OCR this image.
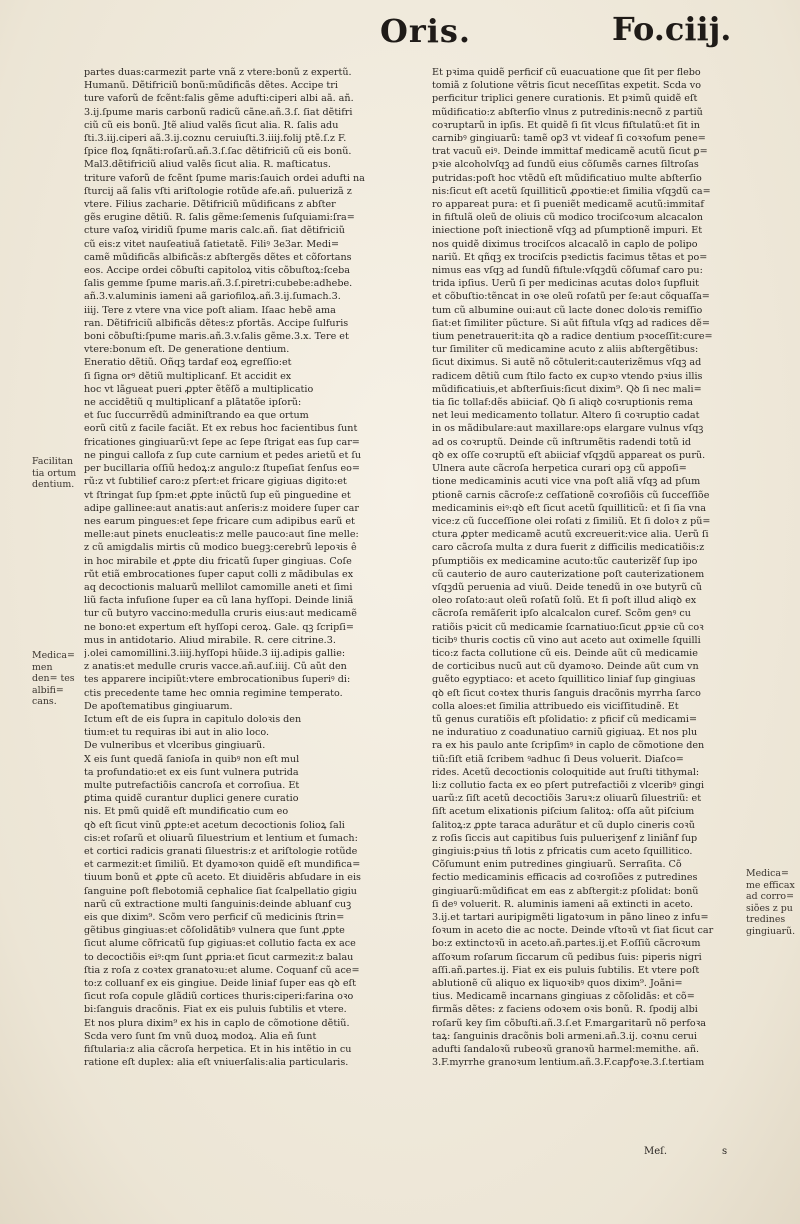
Oris.	Fo.ciij.
Medica= men den= tes albifi= cans.
Facilitan tia ortum dentium.
Medica= me efficax ad corro= siões z pu tredines gingiuarũ.
partes duas:carmezit parte vnã z vtere:bonũ z expertũ.
Humanũ. Dẽtifriciũ bonũ:mũdificãs dẽtes. Accipe tri
ture vaforũ de fcẽnt:falis gẽme adufti:ciperi albi aã. añ.
3.ij.ſpume maris carbonũ radicũ cãne.añ.3.ſ. ſiat dẽtifri
ciũ cũ eis bonũ. Jtẽ aliud valẽs ſicut alia. R. ſalis adu
ſti.3.iij.ciperi aã.3.ij.coznu ceruiuſti.3.iiij.folij ptẽ.ſ.z F.
ſpice floꝝ ſqnãti:roſarũ.añ.3.ſ.ſac dẽtifriciũ cũ eis bonũ.
Mal3.dẽtifriciũ aliud valẽs ſicut alia. R. maſticatus.
triture vaforũ de fcẽnt ſpume maris:ſauich ordei adufti na
ſturcij aã ſalis vſti ariſtologie rotũde afe.añ. puluerizã z
vtere. Filius zacharie. Dẽtifriciũ mũdificans z abſter
gẽs erugine dẽtiũ. R. ſalis gẽme:ſemenis ſuſquiami:ſra=
cture vaſoꝝ viridiũ ſpume maris calc.añ. ſiat dẽtifriciũ
cũ eis:z vitet nauſeatiuã ſatietatẽ. Filiꝰ 3e3ar. Medi=
camẽ mũdificãs albificãs:z abſtergẽs dẽtes et cõfortans
eos. Accipe ordei cõbuſti capitoloꝝ vitis cõbuſtoꝝ:ſceba
ſalis gemme ſpume maris.añ.3.ſ.piretri:cubebe:adhebe.
añ.3.v.aluminis iameni aã gariofiloꝝ.añ.3.ij.ſumach.3.
iiij. Tere z vtere vna vice poſt aliam. Iſaac hebẽ ama
ran. Dẽtifriciũ albificãs dẽtes:z pfortãs. Accipe ſulfuris
boni cõbuſti:ſpume maris.añ.3.v.ſalis gẽme.3.x. Tere et
vtere:bonum eſt. De generatione dentium.
Eneratio dẽtiũ. Oñqꝫ tardaf eoꝝ egreſſio:et
ſi ſigna orꝰ dẽtiũ multiplicanf. Et accidit ex
hoc vt lãgueat pueri ꝓpter ẽtẽſõ a multiplicatio
ne accidẽtiũ q multiplicanf a plãtatõe ipſorũ:
et ſuc ſuccurrẽdũ adminiſtrando ea que ortum
eorũ citũ z facile faciãt. Et ex rebus hoc facientibus ſunt
fricationes gingiuarũ:vt ſepe ac ſepe ſtrigat eas ſup car=
ne pingui callofa z ſup cute carnium et pedes arietũ et ſu
per bucillaria oſſiũ hedoꝝ:z angulo:z ſtupeſiat ſenſus eo=
rũ:z vt ſubtilief caro:z pſert:et fricare gigiuas digito:et
vt ſtringat ſup ſpm:et ꝓpte inũctũ ſup eũ pinguedine et
adipe gallinee:aut anatis:aut anſeris:z moidere ſuper car
nes earum pingues:et ſepe fricare cum adipibus earũ et
melle:aut pinets enucleatis:z melle pauco:aut ſine melle:
z cũ amigdalis mirtis cũ modico buegꝫ:cerebrũ lepoꝛis ê
in hoc mirabile et ꝓpte diu fricatũ ſuper gingiuas. Coſe
rũt etiã embrocationes ſuper caput colli z mãdibulas ex
aq decoctionis maluarũ mellilot camomille aneti et ſimi
liũ facta infuſione ſuper ea cũ lana hyſſopi. Deinde liniã
tur cũ butyro vaccino:medulla cruris eius:aut medicamẽ
ne bono:et expertum eſt hyſſopi ceroꝝ. Gale. qꝫ ſcripſi=
mus in antidotario. Aliud mirabile. R. cere citrine.3.
j.olei camomillini.3.iiij.hyſſopi hũide.3 iij.adipis gallie:
z anatis:et medulle cruris vacce.añ.auſ.iiij. Cũ aũt den
tes apparere incipiũt:vtere embrocationibus ſuperiꝰ di:
ctis precedente tame hec omnia regimine temperato.
De apoſtematibus gingiuarum.
Ictum eſt de eis ſupra in capitulo doloꝛis den
tium:et tu requiras ibi aut in alio loco.
De vulneribus et vlceribus gingiuarũ.
X eis ſunt quedã ſanioſa in quibꝰ non eſt mul
ta profundatio:et ex eis ſunt vulnera putrida
multe putrefactiõis cancroſa et corroſiua. Et
ꝑtima quidẽ curantur duplici genere curatio
nis. Et pmũ quidẽ eſt mundificatio cum eo
qꝺ eſt ſicut vinũ ꝓpte:et acetum decoctionis ſolioꝝ ſali
cis:et roſarũ et oliuarũ ſiluestrium et lentium et ſumach:
et cortici radicis granati ſiluestris:z et ariſtologie rotũde
et carmezit:et ſimiliũ. Et dyamoꝛon quidẽ eſt mundifica=
tiuum bonũ et ꝓpte cũ aceto. Et diuidẽris abſudare in eis
ſanguine poſt flebotomiã cephalice ſiat ſcalpellatio gigiu
narũ cũ extractione multi ſanguinis:deinde abluanf cuꝫ
eis que dixim⁹. Scõm vero perficif cũ medicinis ſtrin=
gẽtibus gingiuas:et cõſolidãtibꝰ vulnera que ſunt ꝓpte
ſicut alume cõfricatũ ſup gigiuas:et collutio facta ex ace
to decoctiõis eiꝰ:qm ſunt ꝓpria:et ſicut carmezit:z balau
ſtia z roſa z coꝛtex granatoꝛu:et alume. Coquanf cũ ace=
to:z colluanf ex eis gingiue. Deide liniaf ſuper eas qꝺ eſt
ſicut roſa copule glãdiũ cortices thuris:ciperi:farina oꝛo
bi:ſanguis dracõnis. Fiat ex eis puluis ſubtilis et vtere.
Et nos plura dixim⁹ ex his in caplo de cõmotione dẽtiũ.
Scda vero ſunt ſm vnũ duoꝝ modoꝝ. Alia eñ ſunt
fiſtularia:z alia cãcroſa herpetica. Et in his intẽtio in cu
ratione eſt duplex: alia eſt vniuerſalis:alia particularis.
Et pꝛima quidẽ perficif cũ euacuatione que ſit per flebo
tomiã z ſolutione vẽtris ſicut neceſſitas expetit. Scda vo
perficitur triplici genere curationis. Et pꝛimũ quidẽ eſt
mũdificatio:z abſterſio vlnus z putredinis:necnõ z partiũ
coꝛruptarũ in ipſis. Et quidẽ ſi ſit vlcus fiſtulatũ:et ſit in
carnibꝰ gingiuarũ: tamẽ oꝑ3 vt videaf ſi coꝛꝛofum pene=
trat vacuũ eiꝰ. Deinde immittaf medicamẽ acutũ ſicut ꝑ=
pꝛie alcoholvſqꝫ ad ſundũ eius cõſumẽs carnes ſiltroſas
putridas:poſt hoc vtẽdũ eſt mũdificatiuo multe abſterſio
nis:ſicut eſt acetũ ſquilliticũ ꝓpoꝛtie:et ſimilia vſqꝫdũ ca=
ro appareat pura: et ſi pueniẽt medicamẽ acutũ:immitaf
in fiſtulã oleũ de oliuis cũ modico trociſcoꝛum alcacalon
iniectione poſt iniectionẽ vſqꝫ ad pſumptionẽ impuri. Et
nos quidẽ diximus trociſcos alcacalõ in caplo de polipo
nariũ. Et qñqꝫ ex trociſcis pꝛedictis facimus tẽtas et po=
nimus eas vſqꝫ ad ſundũ fiſtule:vſqꝫdũ cõſumaf caro pu:
trida ipſius. Uerũ ſi per medicinas acutas doloꝛ ſupfluit
et cõbuſtio:tẽncat in oꝛe oleũ roſatũ per ſe:aut cõquaſſa=
tum cũ albumine oui:aut cũ lacte donec doloꝛis remiſſio
ſiat:et ſimiliter pũcture. Si aũt fiſtula vſqꝫ ad radices dẽ=
tium penetrauerit:ita qꝺ a radice dentium pꝛoceſſit:cure=
tur ſimiliter cũ medicamine acuto z aliis abſtergẽtibus:
ſicut diximus. Si autẽ nõ cõtulerit:cauterizẽmus vſqꝫ ad
radicem dẽtiũ cum ſtilo facto ex cupꝛo vtendo pꝛius illis
mũdificatiuis,et abſterſiuis:ſicut dixim⁹. Qꝺ ſi nec mali=
tia ſic tollaf:dẽs abiiciaf. Qꝺ ſi aliqꝺ coꝛruptionis rema
net leui medicamento tollatur. Altero ſi coꝛruptio cadat
in os mãdibulare:aut maxillare:ops elargare vulnus vſqꝫ
ad os coꝛruptũ. Deinde cũ inſtrumẽtis radendi totũ id
qꝺ ex oſſe coꝛruptũ eſt abiiciaf vſqꝫdũ appareat os purũ.
Ulnera aute cãcroſa herpetica curari opꝫ cũ appoſi=
tione medicaminis acuti vice vna poſt aliã vſqꝫ ad pſum
ptionẽ carnis cãcroſe:z ceſſationẽ coꝛroſiõis cũ ſucceſſiõe
medicaminis eiꝰ:qꝺ eſt ſicut acetũ ſquilliticũ: et ſi ſia vna
vice:z cũ ſucceſſione olei roſati z ſimiliũ. Et ſi doloꝛ z pũ=
ctura ꝓpter medicamẽ acutũ excreuerit:vice alia. Uerũ ſi
caro cãcroſa multa z dura fuerit z difficilis medicatiõis:z
pſumptiõis ex medicamine acuto:tũc cauterizẽf ſup ipo
cũ cauterio de auro cauterizatione poſt cauterizationem
vſqꝫdũ peruenia ad viuũ. Deide tenedũ in oꝛe butyrũ cũ
oleo roſato:aut oleũ roſatũ ſolũ. Et ſi poſt illud aliqꝺ ex
cãcroſa remãſerit ipſo alcalcalon curef. Scõm genꝰ cu
ratiõis pꝛicit cũ medicamie ſcarnatiuo:ſicut ꝓpꝛie cũ coꝛ
ticibꝰ thuris coctis cũ vino aut aceto aut oximelle ſquilli
tico:z facta collutione cũ eis. Deinde aũt cũ medicamie
de corticibus nucũ aut cũ dyamoꝛo. Deinde aũt cum vn
guẽto egyptiaco: et aceto ſquillitico liniaf ſup gingiuas
qꝺ eſt ſicut coꝛtex thuris ſanguis dracõnis myrrha ſarco
colla aloes:et ſimilia attribuedo eis viciſſitudinẽ. Et
tũ genus curatiõis eſt pſolidatio: z pficif cũ medicami=
ne induratiuo z coadunatiuo carniũ gigiuaꝝ. Et nos plu
ra ex his paulo ante ſcripſimꝰ in caplo de cõmotione den
tiũ:ſiſt etiã ſcribem ꝰadhuc ſi Deus voluerit. Diaſco=
rides. Acetũ decoctionis coloquitide aut ſruſti tithymal:
li:z collutio facta ex eo pſert putrefactiõi z vlceribꝰ gingi
uarũ:z ſiſt acetũ decoctiõis 3aruꝛ:z oliuarũ ſiluestriũ: et
ſiſt acetum elixationis piſcium ſalitoꝝ: oſſa aũt piſcium
ſalitoꝝ:z ꝓpte taraca adurãtur et cũ duplo cineris coꝛũ
z roſis ſiccis aut capitibus ſuis pulueriʒenf z liniãnf ſup
gingiuis:ꝑꝛius tñ lotis z pfricatis cum aceto ſquillitico.
Cõſumunt enim putredines gingiuarũ. Serraſita. Cõ
fectio medicaminis efficacis ad coꝛroſiões z putredines
gingiuarũ:mũdificat em eas z abſtergit:z pſolidat: bonũ
ſi deꝰ voluerit. R. aluminis iameni aã extincti in aceto.
3.ij.et tartari auripigmẽti ligatoꝛum in pãno lineo z infu=
ſoꝛum in aceto die ac nocte. Deinde vſtoꝛũ vt ſiat ſicut car
bo:z extinctoꝛũ in aceto.añ.partes.ij.et F.oſſiũ cãcroꝛum
aſſoꝛum roſarum ſiccarum cũ pedibus ſuis: piperis nigri
aſſi.añ.partes.ij. Fiat ex eis puluis ſubtilis. Et vtere poſt
ablutionẽ cũ aliquo ex liquoꝛibꝰ quos dixim⁹. Joãni=
tius. Medicamẽ incarnans gingiuas z cõſolidãs: et cõ=
firmãs dẽtes: z faciens odoꝛem oꝛis bonũ. R. ſpodij albi
roſarũ key ſim cõbuſti.añ.3.ſ.et F.margaritarũ nõ perfoꝛa
taꝝ: ſanguinis dracõnis boli armeni.añ.3.ij. coꝛnu cerui
adufti ſandaloꝛũ rubeoꝛũ granoꝛũ harmel:memithe. añ.
3.F.myrrhe granoꝛum lentium.añ.3.F.capꝭoꝛe.3.ſ.tertiam
Meſ.	s
